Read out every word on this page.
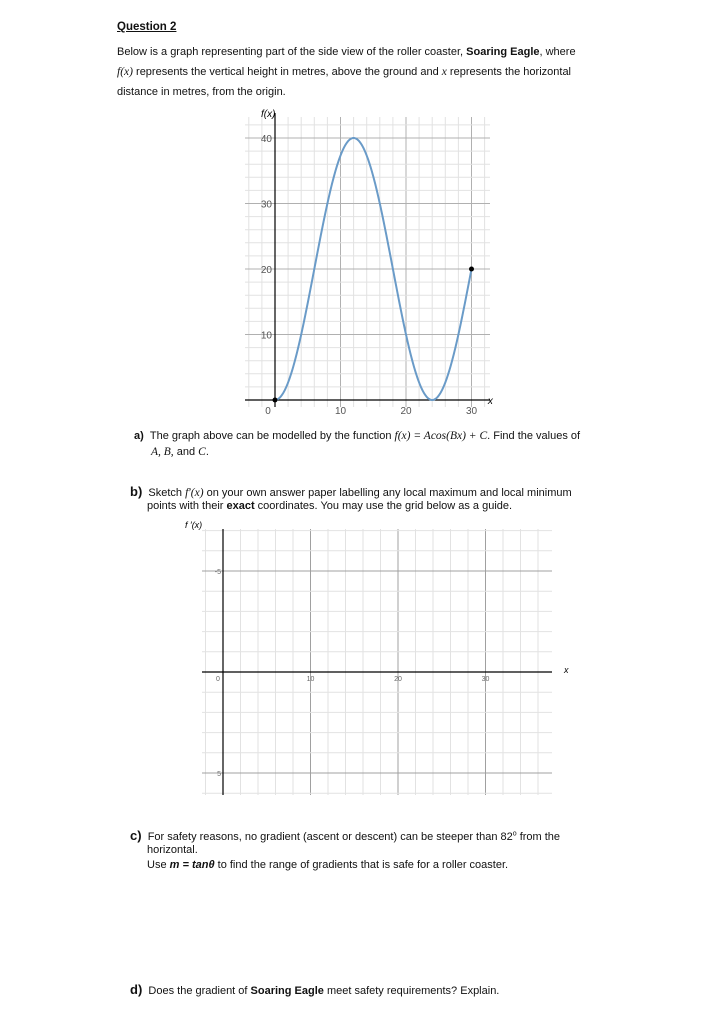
Question 2
Below is a graph representing part of the side view of the roller coaster, Soaring Eagle, where
f(x) represents the vertical height in metres, above the ground and x represents the horizontal
distance in metres, from the origin.
0	10	20	30
10
20
30
40
f(x)
x
a) The graph above can be modelled by the function f(x) = Acos(Bx) + C. Find the values of
A, B, and C.
b) Sketch f′(x) on your own answer paper labelling any local maximum and local minimum
points with their exact coordinates. You may use the grid below as a guide.
0	10	20	30
5
-5
f ′(x)
x
c) For safety reasons, no gradient (ascent or descent) can be steeper than 82$^o$ from the
horizontal.
Use m = tanθ to find the range of gradients that is safe for a roller coaster.
d) Does the gradient of Soaring Eagle meet safety requirements? Explain.
